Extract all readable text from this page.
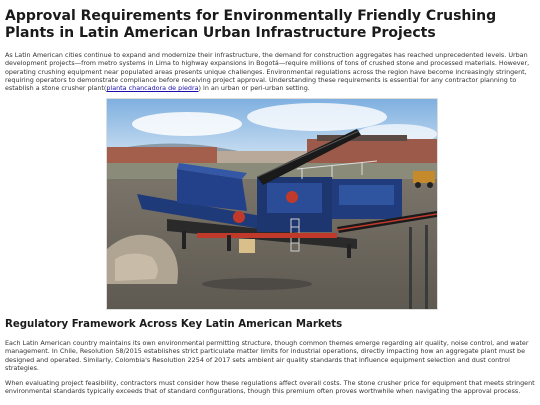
Approval Requirements for Environmentally Friendly Crushing Plants in Latin American Urban Infrastructure Projects

As Latin American cities continue to expand and modernize their infrastructure, the demand for construction aggregates has reached unprecedented levels. Urban development projects—from metro systems in Lima to highway expansions in Bogotá—require millions of tons of crushed stone and processed materials. However, operating crushing equipment near populated areas presents unique challenges. Environmental regulations across the region have become increasingly stringent, requiring operators to demonstrate compliance before receiving project approval. Understanding these requirements is essential for any contractor planning to establish a stone crusher plant(planta chancadora de piedra) in an urban or peri-urban setting.

Regulatory Framework Across Key Latin American Markets

Each Latin American country maintains its own environmental permitting structure, though common themes emerge regarding air quality, noise control, and water management. In Chile, Resolution 58/2015 establishes strict particulate matter limits for industrial operations, directly impacting how an aggregate plant must be designed and operated. Similarly, Colombia's Resolution 2254 of 2017 sets ambient air quality standards that influence equipment selection and dust control strategies.

When evaluating project feasibility, contractors must consider how these regulations affect overall costs. The stone crusher price for equipment that meets stringent environmental standards typically exceeds that of standard configurations, though this premium often proves worthwhile when navigating the approval process.
